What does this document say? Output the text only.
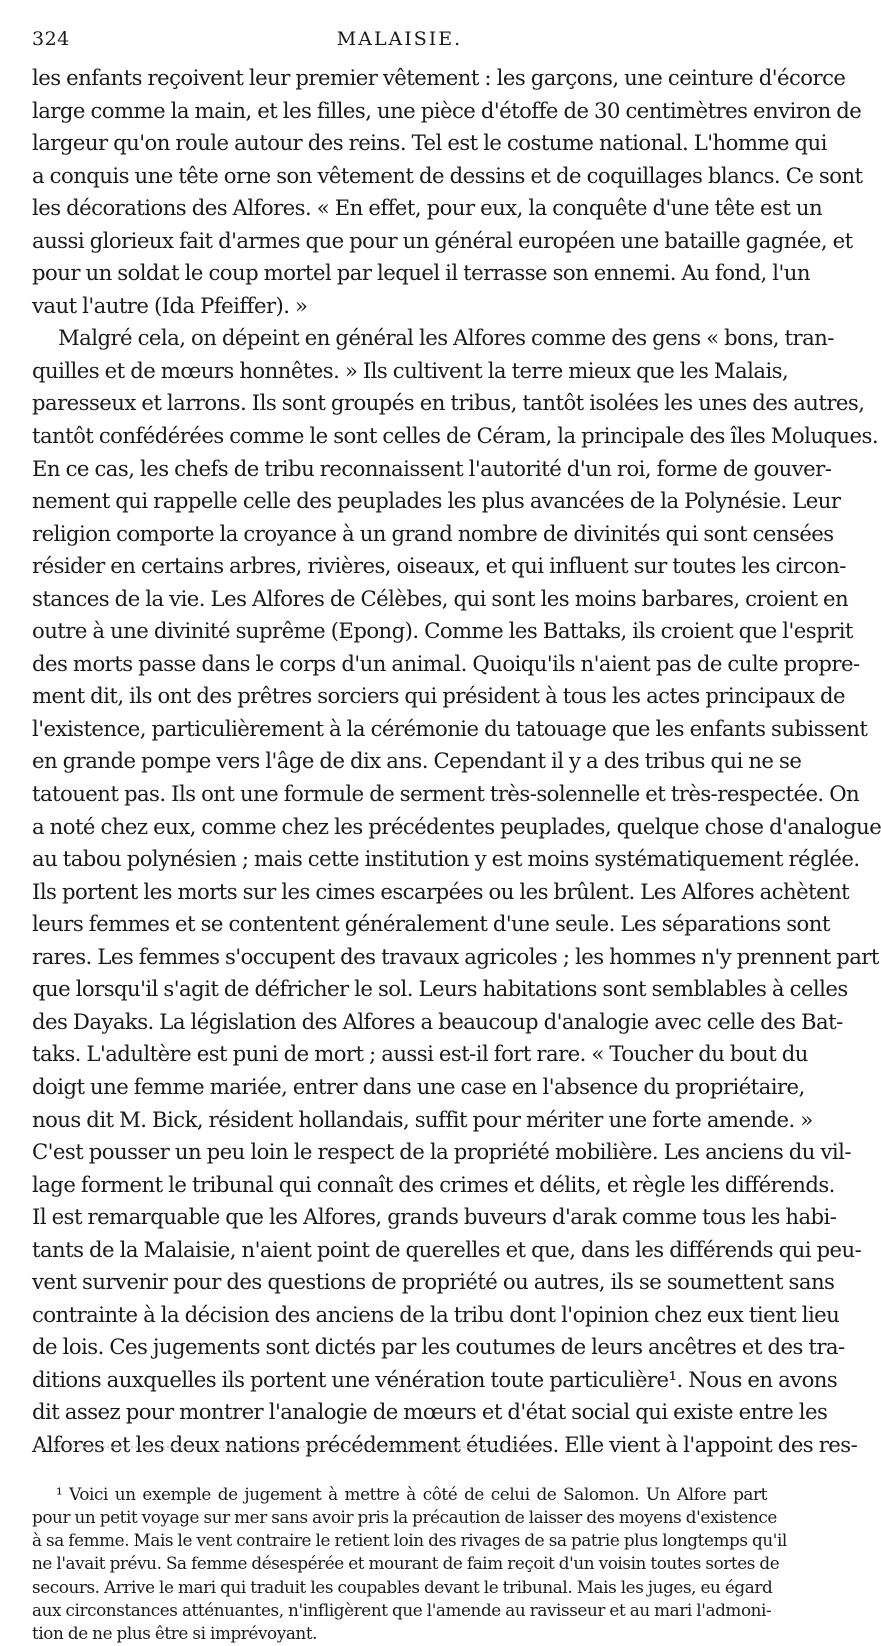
324	MALAISIE.
les enfants reçoivent leur premier vêtement : les garçons, une ceinture d'écorce
large comme la main, et les filles, une pièce d'étoffe de 30 centimètres environ de
largeur qu'on roule autour des reins. Tel est le costume national. L'homme qui
a conquis une tête orne son vêtement de dessins et de coquillages blancs. Ce sont
les décorations des Alfores. « En effet, pour eux, la conquête d'une tête est un
aussi glorieux fait d'armes que pour un général européen une bataille gagnée, et
pour un soldat le coup mortel par lequel il terrasse son ennemi. Au fond, l'un
vaut l'autre (Ida Pfeiffer). »
Malgré cela, on dépeint en général les Alfores comme des gens « bons, tran-
quilles et de mœurs honnêtes. » Ils cultivent la terre mieux que les Malais,
paresseux et larrons. Ils sont groupés en tribus, tantôt isolées les unes des autres,
tantôt confédérées comme le sont celles de Céram, la principale des îles Moluques.
En ce cas, les chefs de tribu reconnaissent l'autorité d'un roi, forme de gouver-
nement qui rappelle celle des peuplades les plus avancées de la Polynésie. Leur
religion comporte la croyance à un grand nombre de divinités qui sont censées
résider en certains arbres, rivières, oiseaux, et qui influent sur toutes les circon-
stances de la vie. Les Alfores de Célèbes, qui sont les moins barbares, croient en
outre à une divinité suprême (Epong). Comme les Battaks, ils croient que l'esprit
des morts passe dans le corps d'un animal. Quoiqu'ils n'aient pas de culte propre-
ment dit, ils ont des prêtres sorciers qui président à tous les actes principaux de
l'existence, particulièrement à la cérémonie du tatouage que les enfants subissent
en grande pompe vers l'âge de dix ans. Cependant il y a des tribus qui ne se
tatouent pas. Ils ont une formule de serment très-solennelle et très-respectée. On
a noté chez eux, comme chez les précédentes peuplades, quelque chose d'analogue
au tabou polynésien ; mais cette institution y est moins systématiquement réglée.
Ils portent les morts sur les cimes escarpées ou les brûlent. Les Alfores achètent
leurs femmes et se contentent généralement d'une seule. Les séparations sont
rares. Les femmes s'occupent des travaux agricoles ; les hommes n'y prennent part
que lorsqu'il s'agit de défricher le sol. Leurs habitations sont semblables à celles
des Dayaks. La législation des Alfores a beaucoup d'analogie avec celle des Bat-
taks. L'adultère est puni de mort ; aussi est-il fort rare. « Toucher du bout du
doigt une femme mariée, entrer dans une case en l'absence du propriétaire,
nous dit M. Bick, résident hollandais, suffit pour mériter une forte amende. »
C'est pousser un peu loin le respect de la propriété mobilière. Les anciens du vil-
lage forment le tribunal qui connaît des crimes et délits, et règle les différends.
Il est remarquable que les Alfores, grands buveurs d'arak comme tous les habi-
tants de la Malaisie, n'aient point de querelles et que, dans les différends qui peu-
vent survenir pour des questions de propriété ou autres, ils se soumettent sans
contrainte à la décision des anciens de la tribu dont l'opinion chez eux tient lieu
de lois. Ces jugements sont dictés par les coutumes de leurs ancêtres et des tra-
ditions auxquelles ils portent une vénération toute particulière¹. Nous en avons
dit assez pour montrer l'analogie de mœurs et d'état social qui existe entre les
Alfores et les deux nations précédemment étudiées. Elle vient à l'appoint des res-
¹ Voici un exemple de jugement à mettre à côté de celui de Salomon. Un Alfore part
pour un petit voyage sur mer sans avoir pris la précaution de laisser des moyens d'existence
à sa femme. Mais le vent contraire le retient loin des rivages de sa patrie plus longtemps qu'il
ne l'avait prévu. Sa femme désespérée et mourant de faim reçoit d'un voisin toutes sortes de
secours. Arrive le mari qui traduit les coupables devant le tribunal. Mais les juges, eu égard
aux circonstances atténuantes, n'infligèrent que l'amende au ravisseur et au mari l'admoni-
tion de ne plus être si imprévoyant.
